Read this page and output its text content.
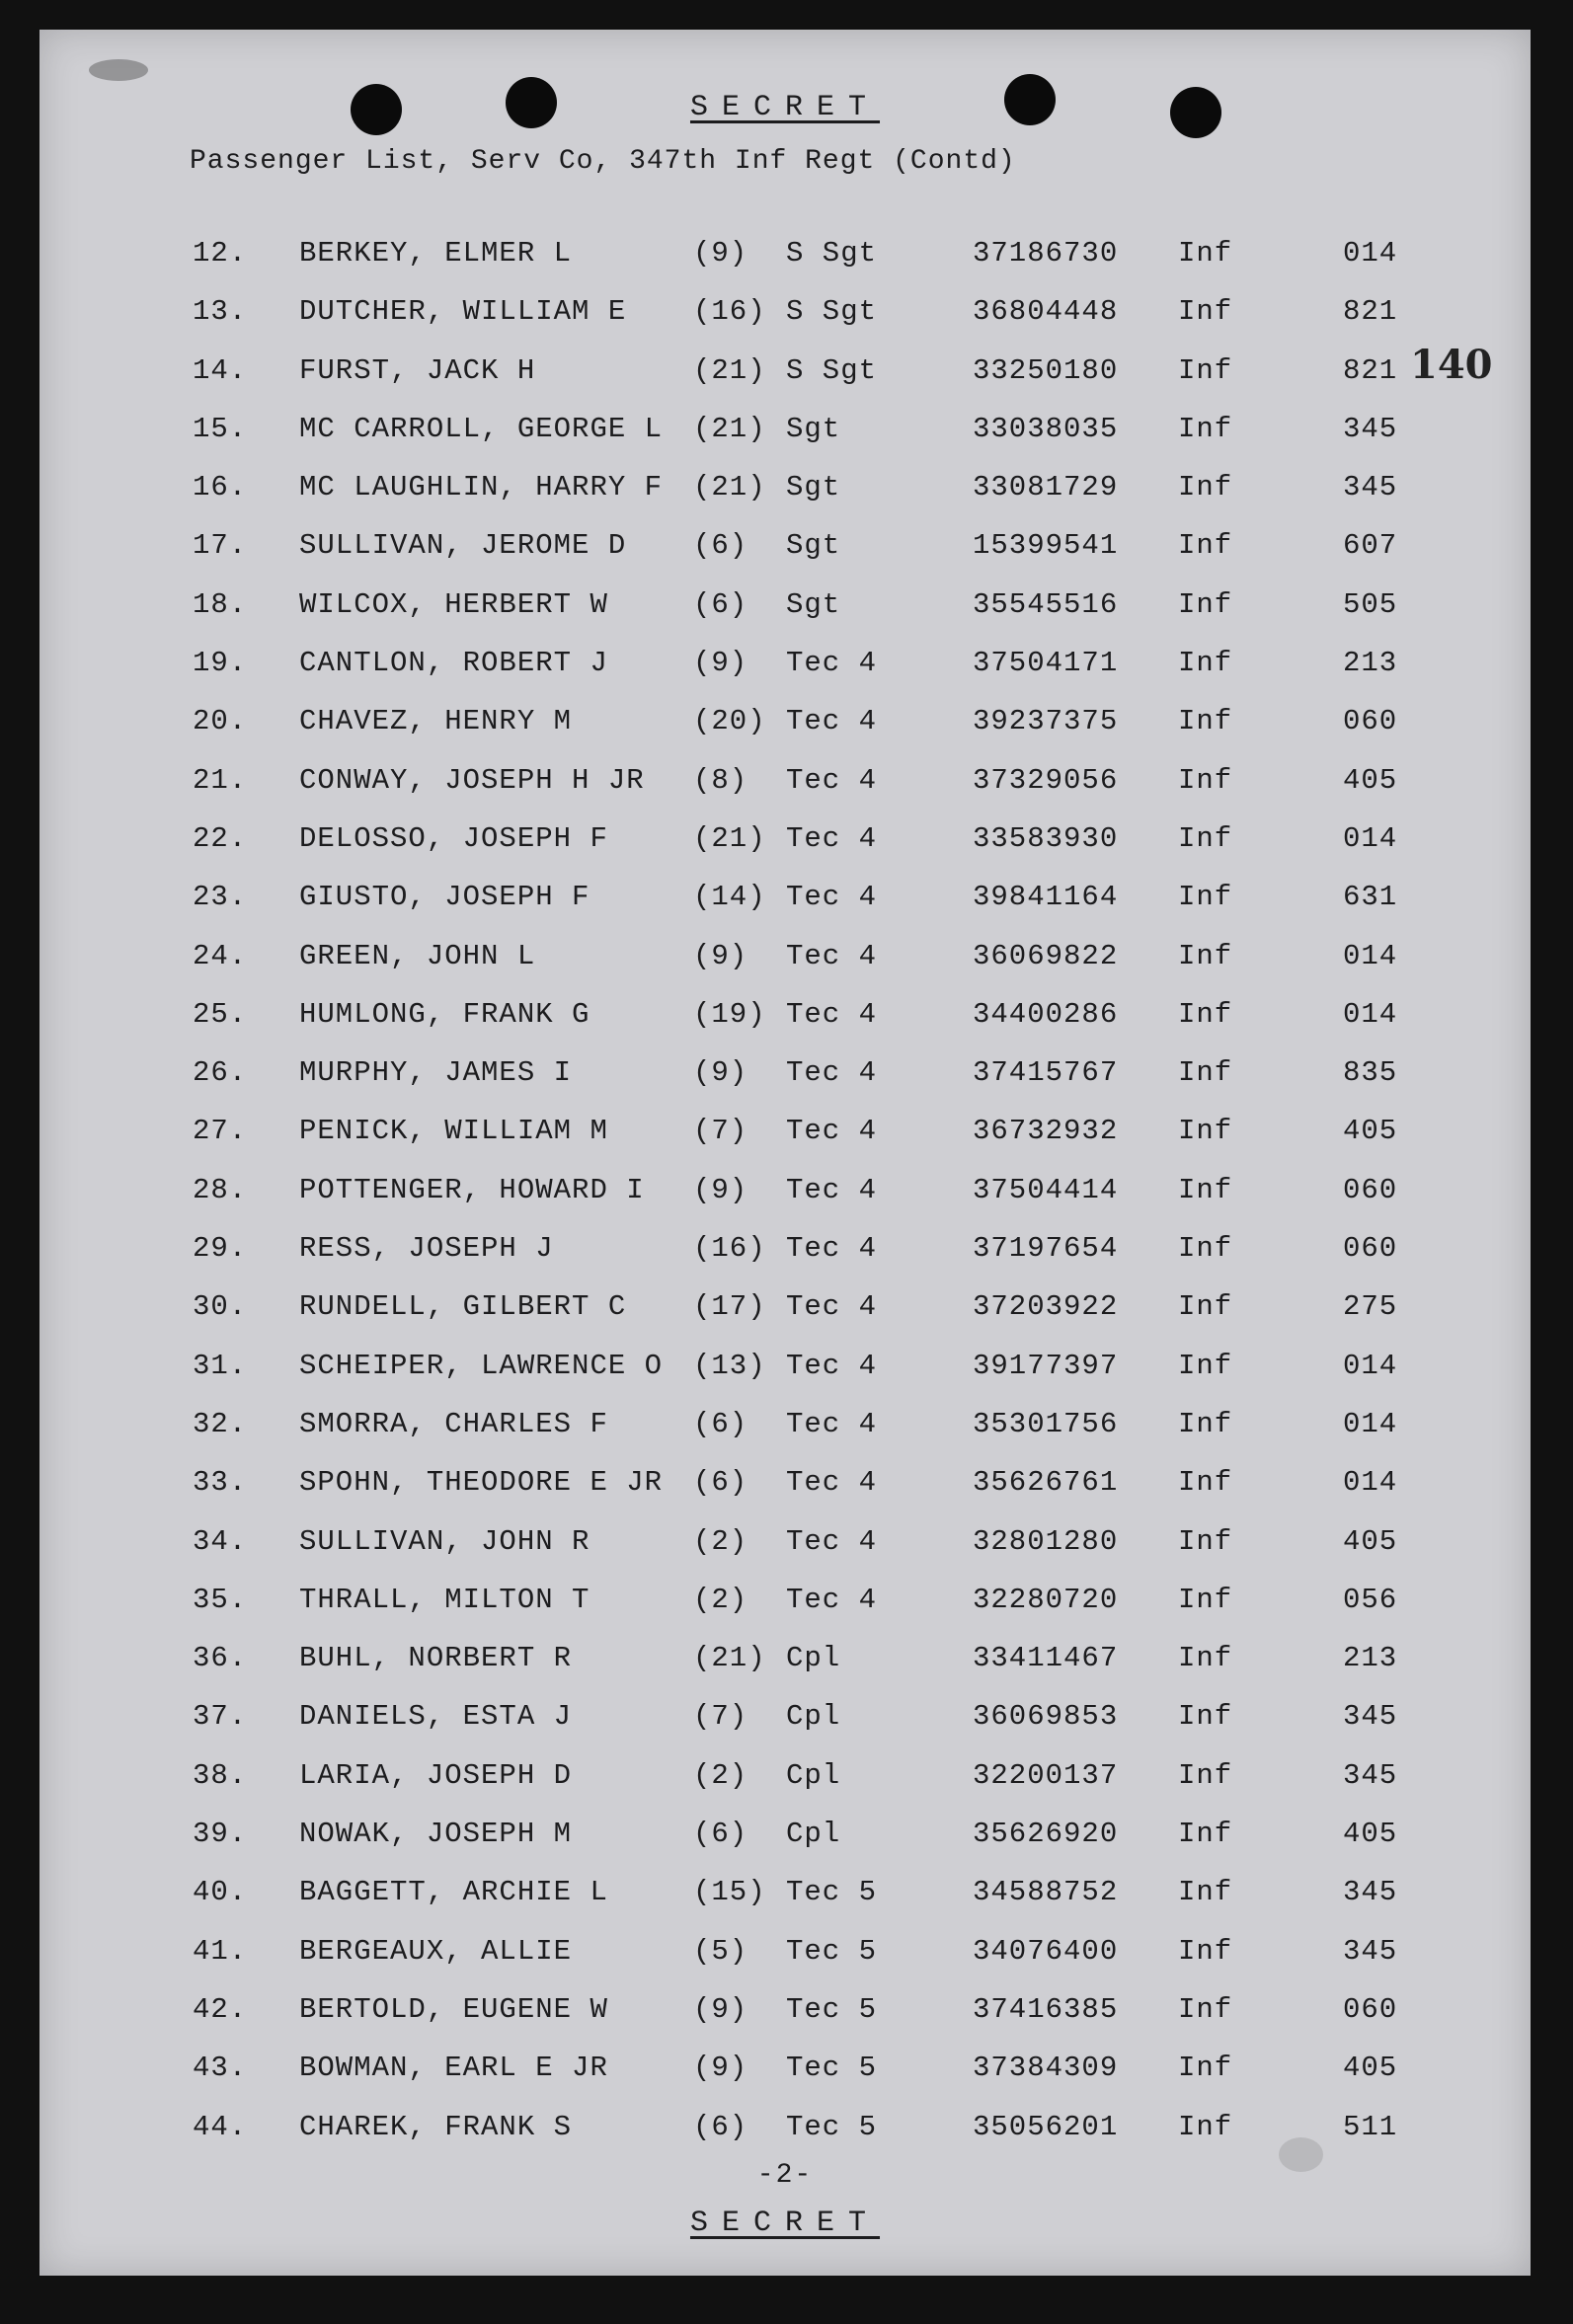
SECRET
Passenger List, Serv Co, 347th Inf Regt (Contd)
140
12. BERKEY, ELMER L	(9) S Sgt	37186730 Inf	014
13. DUTCHER, WILLIAM E (16) S Sgt	36804448 Inf	821
14. FURST, JACK H	(21) S Sgt	33250180 Inf	821
15. MC CARROLL, GEORGE L (21) Sgt	33038035 Inf	345
16. MC LAUGHLIN, HARRY F (21) Sgt	33081729 Inf	345
17. SULLIVAN, JEROME D (6) Sgt	15399541 Inf	607
18. WILCOX, HERBERT W	(6) Sgt	35545516 Inf	505
19. CANTLON, ROBERT J	(9) Tec 4	37504171 Inf	213
20. CHAVEZ, HENRY M	(20) Tec 4	39237375 Inf	060
21. CONWAY, JOSEPH H JR (8) Tec 4	37329056 Inf	405
22. DELOSSO, JOSEPH F	(21) Tec 4	33583930 Inf	014
23. GIUSTO, JOSEPH F	(14) Tec 4	39841164 Inf	631
24. GREEN, JOHN L	(9) Tec 4	36069822 Inf	014
25. HUMLONG, FRANK G	(19) Tec 4	34400286 Inf	014
26. MURPHY, JAMES I	(9) Tec 4	37415767 Inf	835
27. PENICK, WILLIAM M	(7) Tec 4	36732932 Inf	405
28. POTTENGER, HOWARD I (9) Tec 4	37504414 Inf	060
29. RESS, JOSEPH J	(16) Tec 4	37197654 Inf	060
30. RUNDELL, GILBERT C (17) Tec 4	37203922 Inf	275
31. SCHEIPER, LAWRENCE O (13) Tec 4	39177397 Inf	014
32. SMORRA, CHARLES F	(6) Tec 4	35301756 Inf	014
33. SPOHN, THEODORE E JR (6) Tec 4	35626761 Inf	014
34. SULLIVAN, JOHN R	(2) Tec 4	32801280 Inf	405
35. THRALL, MILTON T	(2) Tec 4	32280720 Inf	056
36. BUHL, NORBERT R	(21) Cpl	33411467 Inf	213
37. DANIELS, ESTA J	(7) Cpl	36069853 Inf	345
38. LARIA, JOSEPH D	(2) Cpl	32200137 Inf	345
39. NOWAK, JOSEPH M	(6) Cpl	35626920 Inf	405
40. BAGGETT, ARCHIE L	(15) Tec 5	34588752 Inf	345
41. BERGEAUX, ALLIE	(5) Tec 5	34076400 Inf	345
42. BERTOLD, EUGENE W	(9) Tec 5	37416385 Inf	060
43. BOWMAN, EARL E JR	(9) Tec 5	37384309 Inf	405
44. CHAREK, FRANK S	(6) Tec 5	35056201 Inf	511
-2-
SECRET
